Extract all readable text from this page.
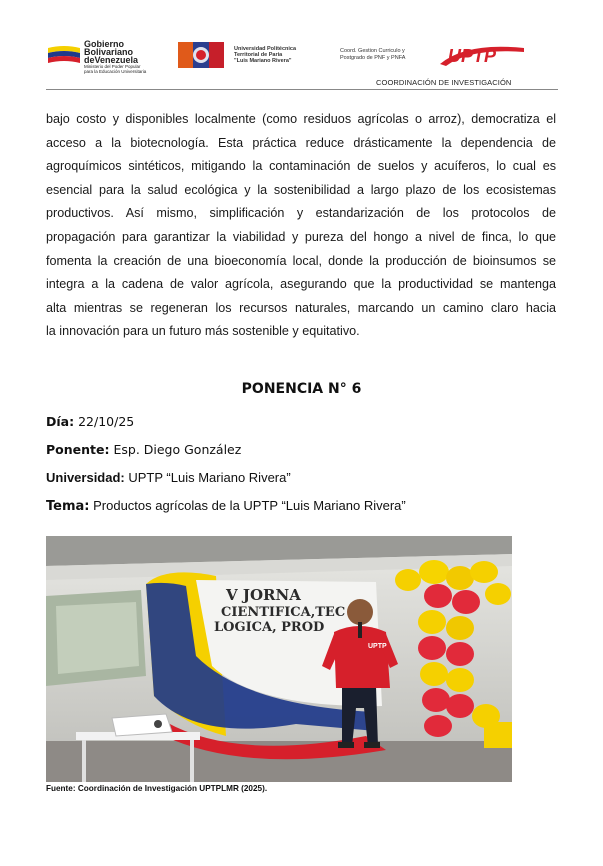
Gobierno
Bolivariano
deVenezuela
Ministerio del Poder Popular
para la Educación Universitaria
Universidad Politécnica
Territorial de Paria
"Luis Mariano Rivera"
Coord. Gestion Curriculo y
Postgrado de PNF y PNFA UPTP
COORDINACIÓN DE INVESTIGACIÓN
bajo costo y disponibles localmente (como residuos agrícolas o arroz), democratiza el
acceso a la biotecnología. Esta práctica reduce drásticamente la dependencia de
agroquímicos sintéticos, mitigando la contaminación de suelos y acuíferos, lo cual es
esencial para la salud ecológica y la sostenibilidad a largo plazo de los ecosistemas
productivos. Así mismo, simplificación y estandarización de los protocolos de
propagación para garantizar la viabilidad y pureza del hongo a nivel de finca, lo que
fomenta la creación de una bioeconomía local, donde la producción de bioinsumos se
integra a la cadena de valor agrícola, asegurando que la productividad se mantenga
alta mientras se regeneran los recursos naturales, marcando un camino claro hacia
la innovación para un futuro más sostenible y equitativo.
PONENCIA N° 6
Día: 22/10/25
Ponente: Esp. Diego González
Universidad: UPTP “Luis Mariano Rivera”
Tema: Productos agrícolas de la UPTP “Luis Mariano Rivera”
V JORNA
CIENTIFICA,TEC
LOGICA, PROD
UPTP
Fuente: Coordinación de Investigación UPTPLMR (2025).
